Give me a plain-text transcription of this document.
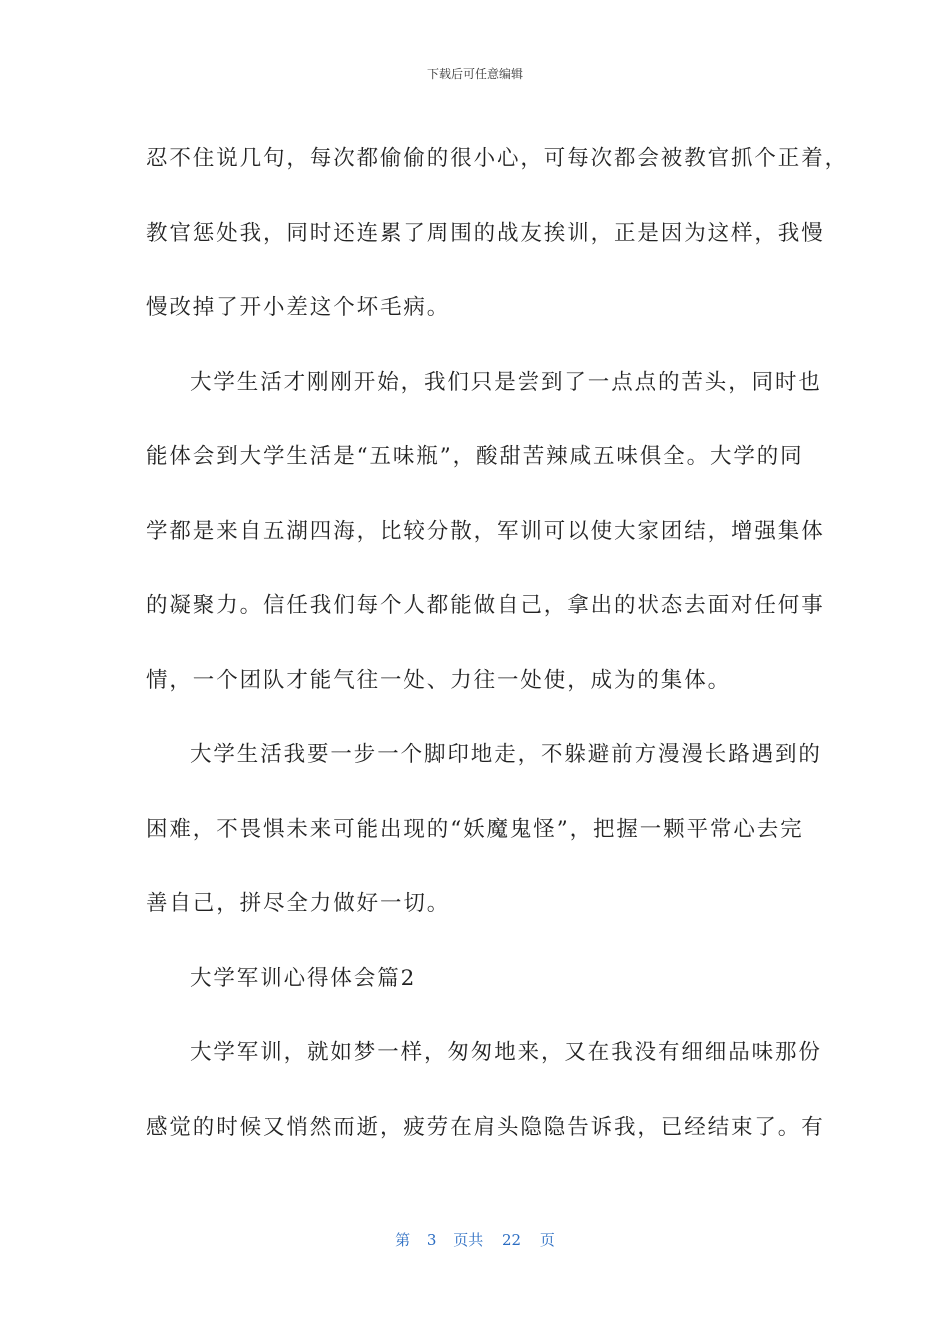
下载后可任意编辑

忍不住说几句，每次都偷偷的很小心，可每次都会被教官抓个正着，

教官惩处我，同时还连累了周围的战友挨训，正是因为这样，我慢

慢改掉了开小差这个坏毛病。

大学生活才刚刚开始，我们只是尝到了一点点的苦头，同时也

能体会到大学生活是“五味瓶”，酸甜苦辣咸五味俱全。大学的同

学都是来自五湖四海，比较分散，军训可以使大家团结，增强集体

的凝聚力。信任我们每个人都能做自己，拿出的状态去面对任何事

情，一个团队才能气往一处、力往一处使，成为的集体。

大学生活我要一步一个脚印地走，不躲避前方漫漫长路遇到的

困难，不畏惧未来可能出现的“妖魔鬼怪”，把握一颗平常心去完

善自己，拼尽全力做好一切。

大学军训心得体会篇2

大学军训，就如梦一样，匆匆地来，又在我没有细细品味那份

感觉的时候又悄然而逝，疲劳在肩头隐隐告诉我，已经结束了。有

第 3 页共 22 页
